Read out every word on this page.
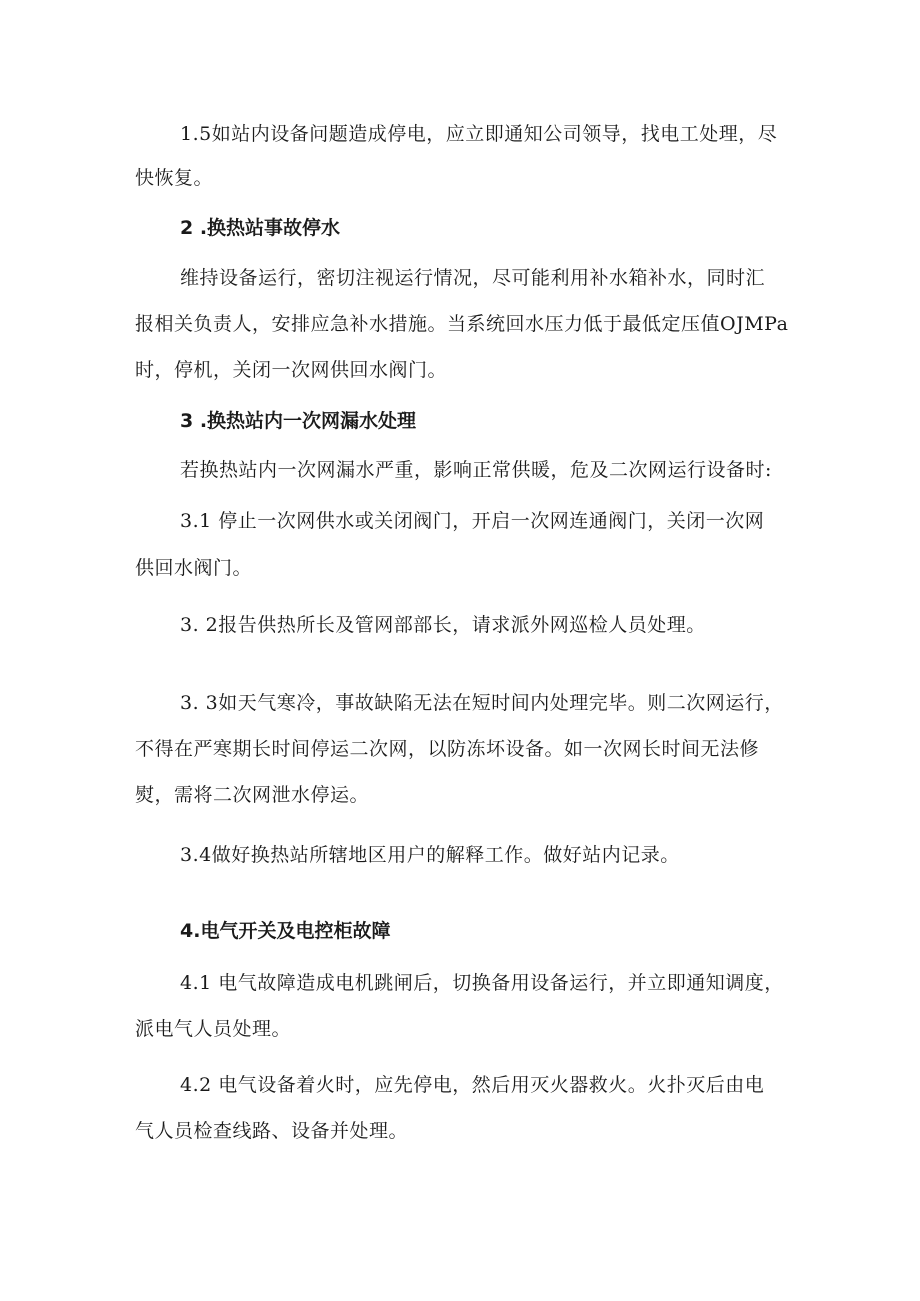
1.5如站内设备问题造成停电，应立即通知公司领导，找电工处理，尽
快恢复。
2 .换热站事故停水
维持设备运行，密切注视运行情况，尽可能利用补水箱补水，同时汇
报相关负责人，安排应急补水措施。当系统回水压力低于最低定压值OJMPa
时，停机，关闭一次网供回水阀门。
3 .换热站内一次网漏水处理
若换热站内一次网漏水严重，影响正常供暖，危及二次网运行设备时:
3.1 停止一次网供水或关闭阀门，开启一次网连通阀门，关闭一次网
供回水阀门。
3. 2报告供热所长及管网部部长，请求派外网巡检人员处理。
3. 3如天气寒冷，事故缺陷无法在短时间内处理完毕。则二次网运行，
不得在严寒期长时间停运二次网，以防冻坏设备。如一次网长时间无法修
熨，需将二次网泄水停运。
3.4做好换热站所辖地区用户的解释工作。做好站内记录。
4.电气开关及电控柜故障
4.1 电气故障造成电机跳闸后，切换备用设备运行，并立即通知调度，
派电气人员处理。
4.2 电气设备着火时，应先停电，然后用灭火器救火。火扑灭后由电
气人员检查线路、设备并处理。
